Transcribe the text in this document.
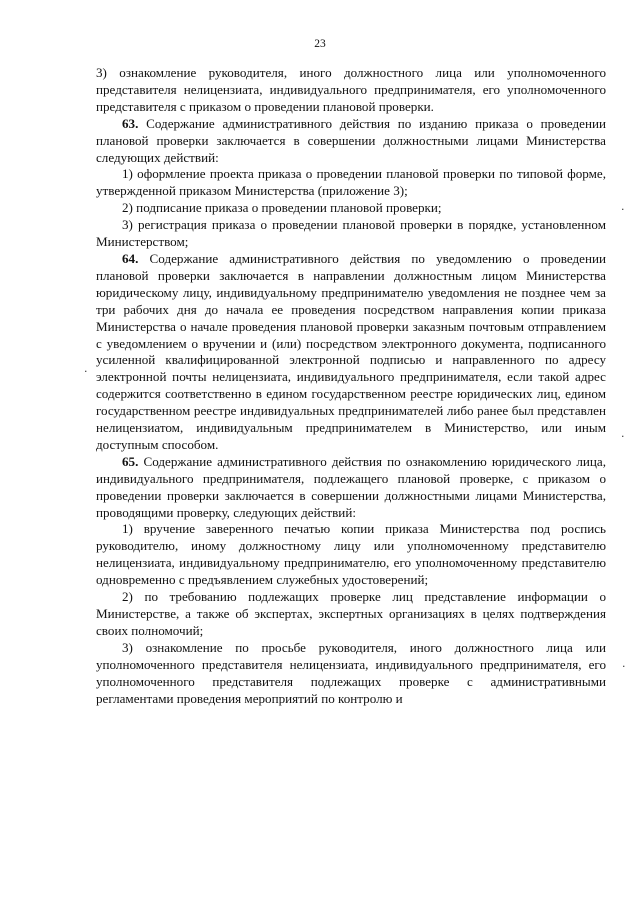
23

3) ознакомление руководителя, иного должностного лица или уполномоченного представителя нелицензиата, индивидуального предпринимателя, его уполномоченного представителя с приказом о проведении плановой проверки.

63. Содержание административного действия по изданию приказа о проведении плановой проверки заключается в совершении должностными лицами Министерства следующих действий:

1) оформление проекта приказа о проведении плановой проверки по типовой форме, утвержденной приказом Министерства (приложение 3);

2) подписание приказа о проведении плановой проверки;

3) регистрация приказа о проведении плановой проверки в порядке, установленном Министерством;

64. Содержание административного действия по уведомлению о проведении плановой проверки заключается в направлении должностным лицом Министерства юридическому лицу, индивидуальному предпринимателю уведомления не позднее чем за три рабочих дня до начала ее проведения посредством направления копии приказа Министерства о начале проведения плановой проверки заказным почтовым отправлением с уведомлением о вручении и (или) посредством электронного документа, подписанного усиленной квалифицированной электронной подписью и направленного по адресу электронной почты нелицензиата, индивидуального предпринимателя, если такой адрес содержится соответственно в едином государственном реестре юридических лиц, едином государственном реестре индивидуальных предпринимателей либо ранее был представлен нелицензиатом, индивидуальным предпринимателем в Министерство, или иным доступным способом.

65. Содержание административного действия по ознакомлению юридического лица, индивидуального предпринимателя, подлежащего плановой проверке, с приказом о проведении проверки заключается в совершении должностными лицами Министерства, проводящими проверку, следующих действий:

1) вручение заверенного печатью копии приказа Министерства под роспись руководителю, иному должностному лицу или уполномоченному представителю нелицензиата, индивидуальному предпринимателю, его уполномоченному представителю одновременно с предъявлением служебных удостоверений;

2) по требованию подлежащих проверке лиц представление информации о Министерстве, а также об экспертах, экспертных организациях в целях подтверждения своих полномочий;

3) ознакомление по просьбе руководителя, иного должностного лица или уполномоченного представителя нелицензиата, индивидуального предпринимателя, его уполномоченного представителя подлежащих проверке с административными регламентами проведения мероприятий по контролю и

·
·
·
·
